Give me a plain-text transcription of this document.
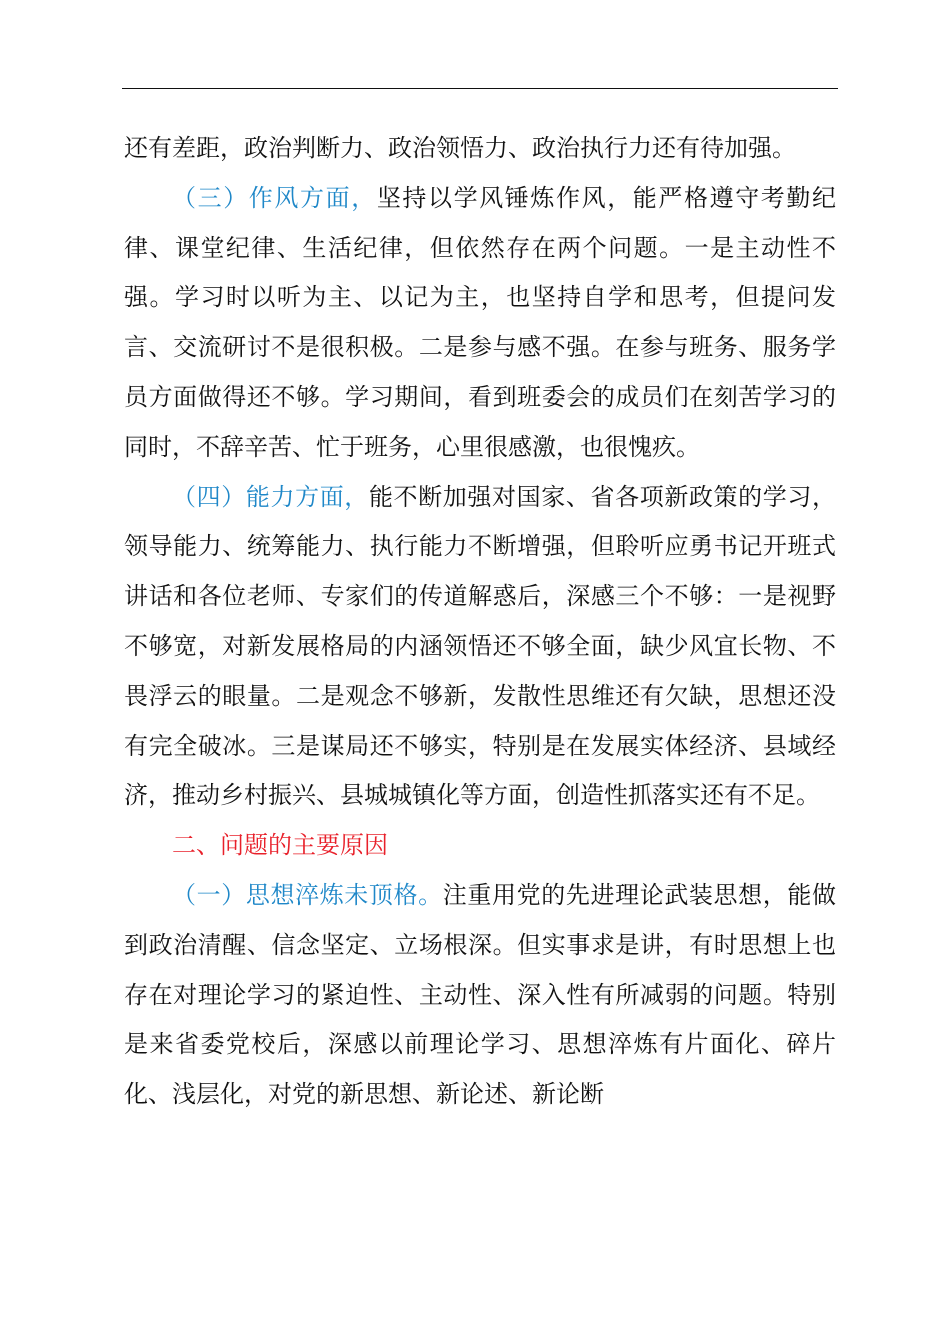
还有差距，政治判断力、政治领悟力、政治执行力还有待加强。

（三）作风方面，坚持以学风锤炼作风，能严格遵守考勤纪律、课堂纪律、生活纪律，但依然存在两个问题。一是主动性不强。学习时以听为主、以记为主，也坚持自学和思考，但提问发言、交流研讨不是很积极。二是参与感不强。在参与班务、服务学员方面做得还不够。学习期间，看到班委会的成员们在刻苦学习的同时，不辞辛苦、忙于班务，心里很感激，也很愧疚。

（四）能力方面，能不断加强对国家、省各项新政策的学习，领导能力、统筹能力、执行能力不断增强，但聆听应勇书记开班式讲话和各位老师、专家们的传道解惑后，深感三个不够：一是视野不够宽，对新发展格局的内涵领悟还不够全面，缺少风宜长物、不畏浮云的眼量。二是观念不够新，发散性思维还有欠缺，思想还没有完全破冰。三是谋局还不够实，特别是在发展实体经济、县域经济，推动乡村振兴、县城城镇化等方面，创造性抓落实还有不足。

二、问题的主要原因

（一）思想淬炼未顶格。注重用党的先进理论武装思想，能做到政治清醒、信念坚定、立场根深。但实事求是讲，有时思想上也存在对理论学习的紧迫性、主动性、深入性有所减弱的问题。特别是来省委党校后，深感以前理论学习、思想淬炼有片面化、碎片化、浅层化，对党的新思想、新论述、新论断
